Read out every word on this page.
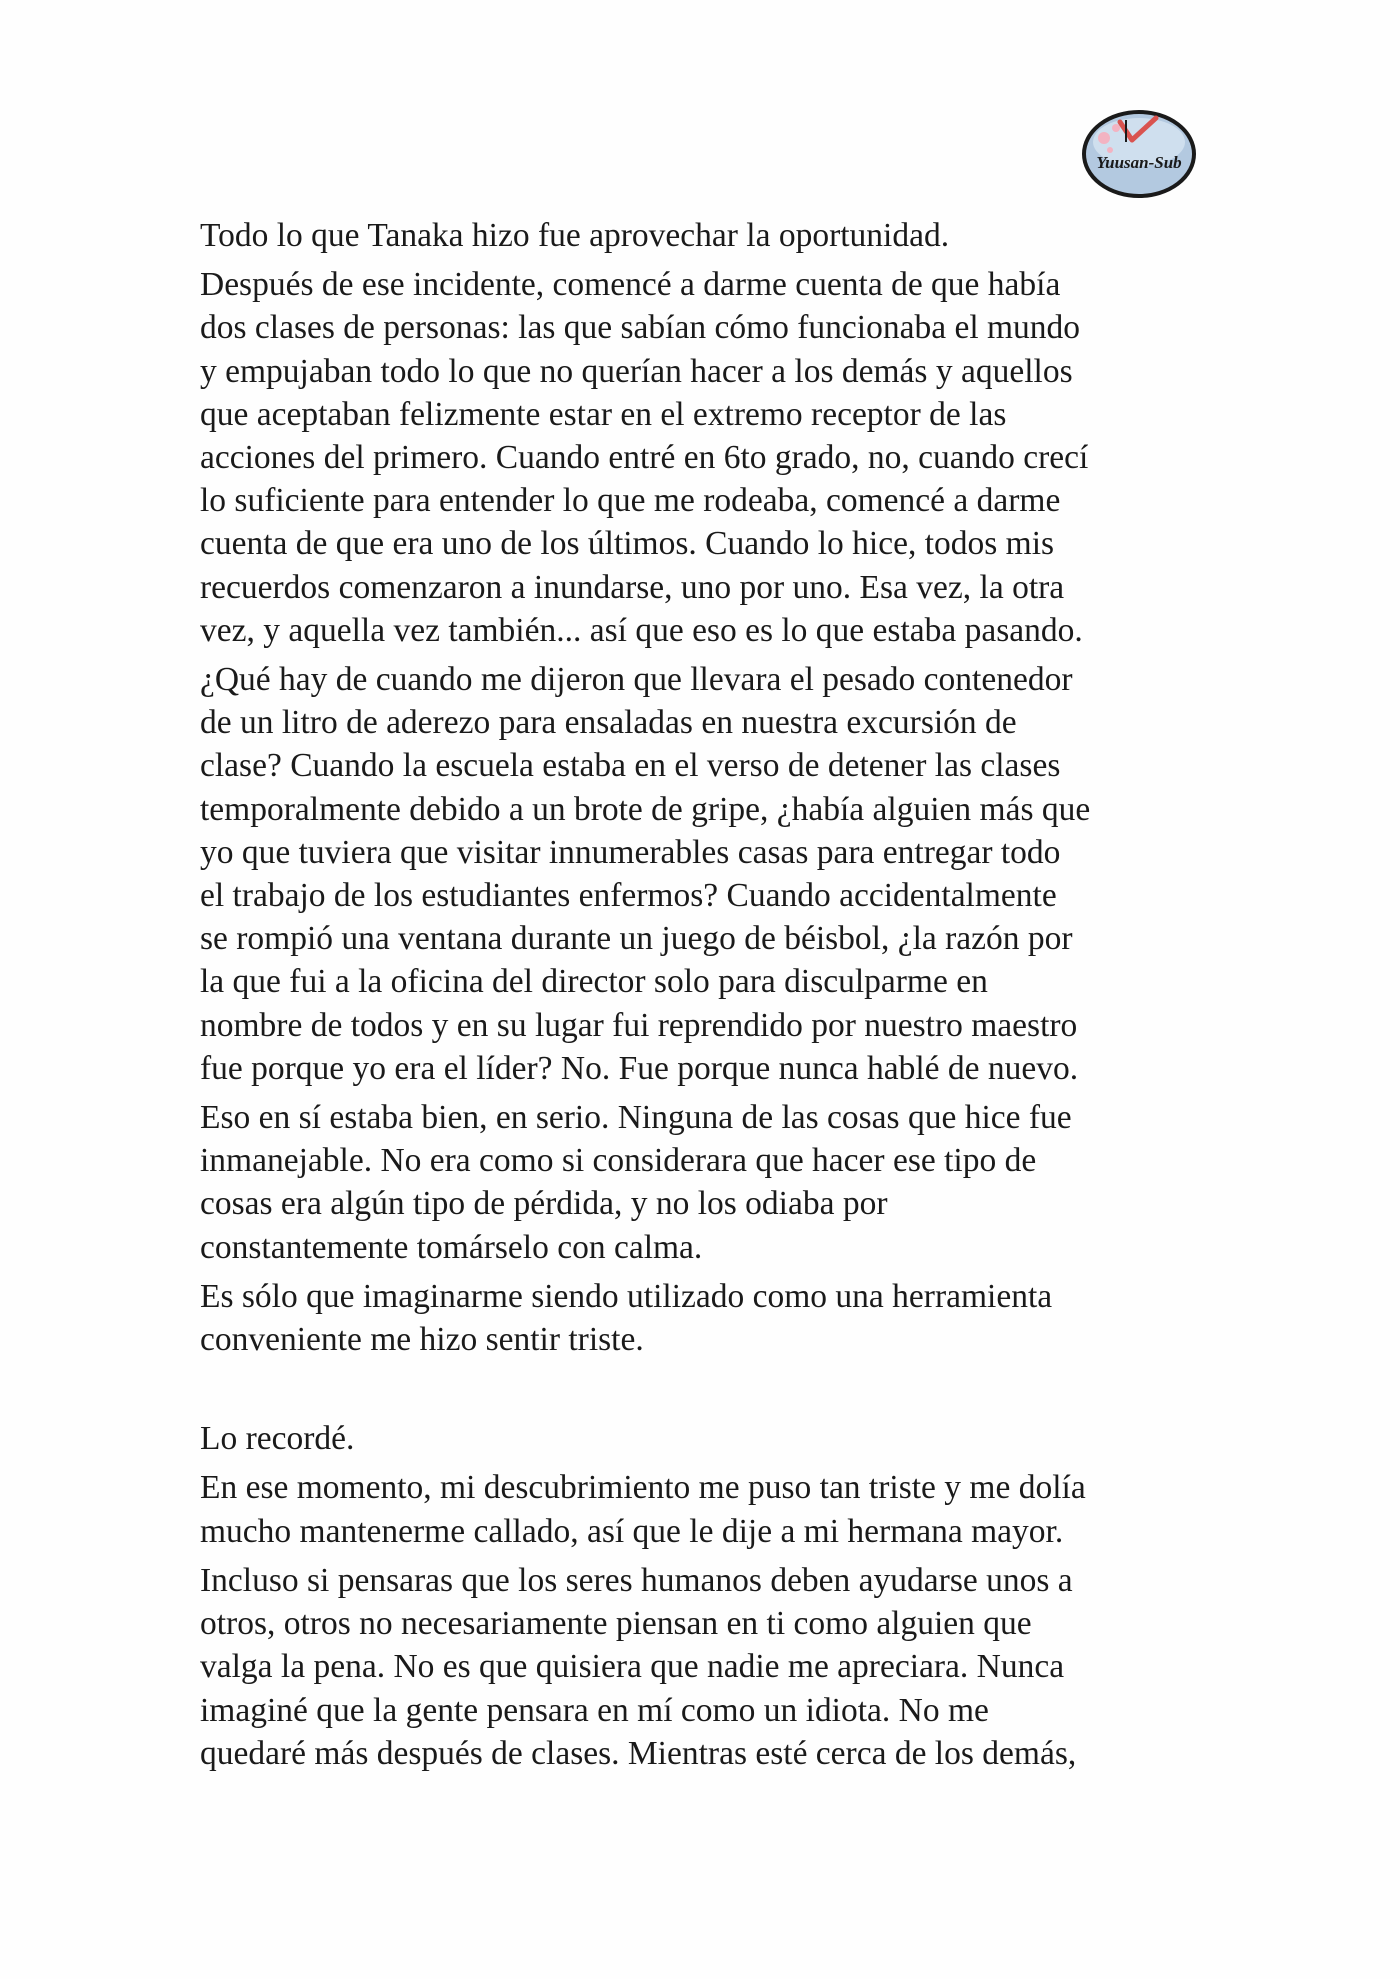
Yuusan-Sub
Todo lo que Tanaka hizo fue aprovechar la oportunidad.
Después de ese incidente, comencé a darme cuenta de que había
dos clases de personas: las que sabían cómo funcionaba el mundo
y empujaban todo lo que no querían hacer a los demás y aquellos
que aceptaban felizmente estar en el extremo receptor de las
acciones del primero. Cuando entré en 6to grado, no, cuando crecí
lo suficiente para entender lo que me rodeaba, comencé a darme
cuenta de que era uno de los últimos. Cuando lo hice, todos mis
recuerdos comenzaron a inundarse, uno por uno. Esa vez, la otra
vez, y aquella vez también... así que eso es lo que estaba pasando.
¿Qué hay de cuando me dijeron que llevara el pesado contenedor
de un litro de aderezo para ensaladas en nuestra excursión de
clase? Cuando la escuela estaba en el verso de detener las clases
temporalmente debido a un brote de gripe, ¿había alguien más que
yo que tuviera que visitar innumerables casas para entregar todo
el trabajo de los estudiantes enfermos? Cuando accidentalmente
se rompió una ventana durante un juego de béisbol, ¿la razón por
la que fui a la oficina del director solo para disculparme en
nombre de todos y en su lugar fui reprendido por nuestro maestro
fue porque yo era el líder? No. Fue porque nunca hablé de nuevo.
Eso en sí estaba bien, en serio. Ninguna de las cosas que hice fue
inmanejable. No era como si considerara que hacer ese tipo de
cosas era algún tipo de pérdida, y no los odiaba por
constantemente tomárselo con calma.
Es sólo que imaginarme siendo utilizado como una herramienta
conveniente me hizo sentir triste.
Lo recordé.
En ese momento, mi descubrimiento me puso tan triste y me dolía
mucho mantenerme callado, así que le dije a mi hermana mayor.
Incluso si pensaras que los seres humanos deben ayudarse unos a
otros, otros no necesariamente piensan en ti como alguien que
valga la pena. No es que quisiera que nadie me apreciara. Nunca
imaginé que la gente pensara en mí como un idiota. No me
quedaré más después de clases. Mientras esté cerca de los demás,
